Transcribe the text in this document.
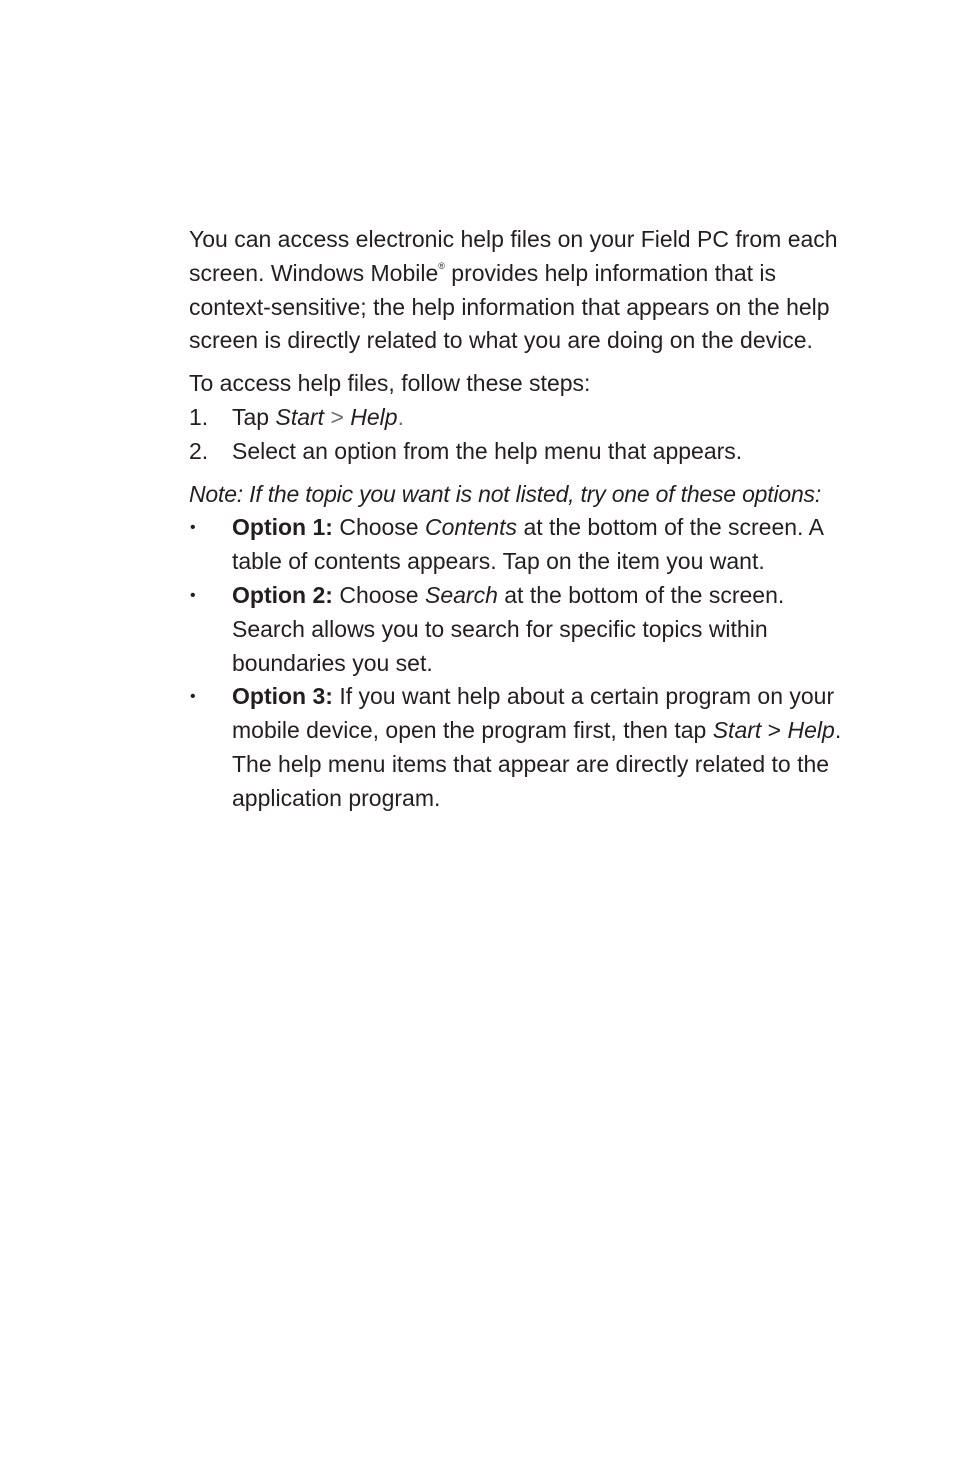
You can access electronic help files on your Field PC from each screen. Windows Mobile® provides help information that is context-sensitive; the help information that appears on the help screen is directly related to what you are doing on the device.

To access help files, follow these steps:

1. Tap Start > Help.
2. Select an option from the help menu that appears.

Note: If the topic you want is not listed, try one of these options:

• Option 1: Choose Contents at the bottom of the screen. A table of contents appears. Tap on the item you want.
• Option 2: Choose Search at the bottom of the screen. Search allows you to search for specific topics within boundaries you set.
• Option 3: If you want help about a certain program on your mobile device, open the program first, then tap Start > Help. The help menu items that appear are directly related to the application program.
